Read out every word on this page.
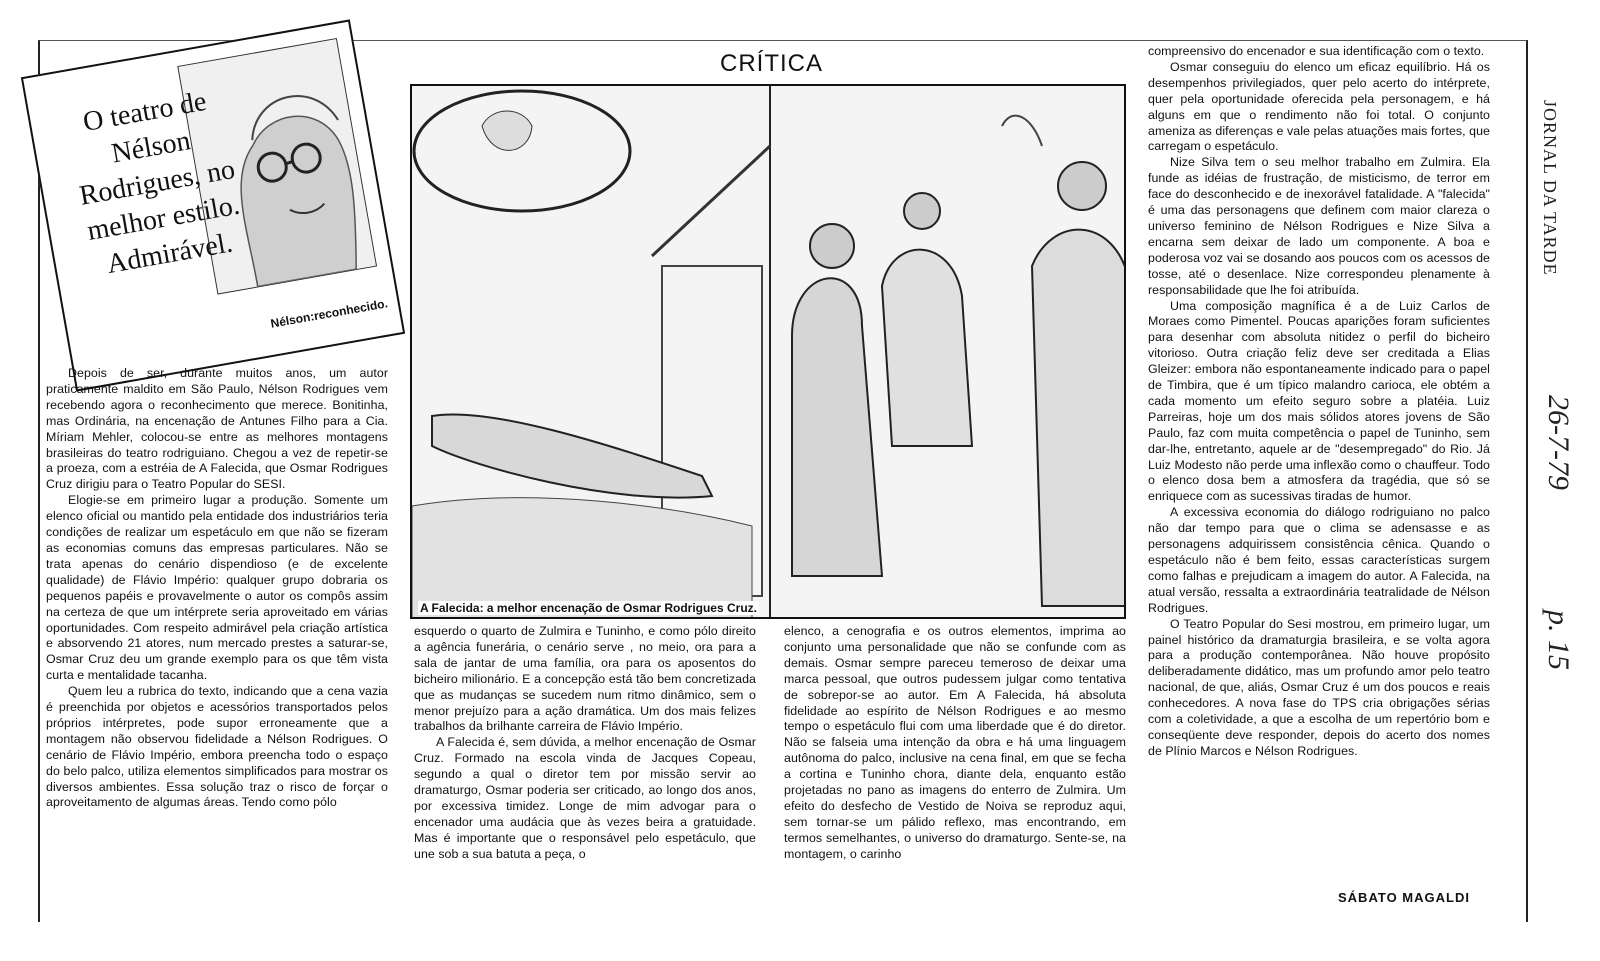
O teatro de Nélson Rodrigues, no melhor estilo. Admirável.
Nélson:reconhecido.

Depois de ser, durante muitos anos, um autor praticamente maldito em São Paulo, Nélson Rodrigues vem recebendo agora o reconhecimento que merece. Bonitinha, mas Ordinária, na encenação de Antunes Filho para a Cia. Míriam Mehler, colocou-se entre as melhores montagens brasileiras do teatro rodriguiano. Chegou a vez de repetir-se a proeza, com a estréia de A Falecida, que Osmar Rodrigues Cruz dirigiu para o Teatro Popular do SESI.

Elogie-se em primeiro lugar a produção. Somente um elenco oficial ou mantido pela entidade dos industriários teria condições de realizar um espetáculo em que não se fizeram as economias comuns das empresas particulares. Não se trata apenas do cenário dispendioso (e de excelente qualidade) de Flávio Império: qualquer grupo dobraria os pequenos papéis e provavelmente o autor os compôs assim na certeza de que um intérprete seria aproveitado em várias oportunidades. Com respeito admirável pela criação artística e absorvendo 21 atores, num mercado prestes a saturar-se, Osmar Cruz deu um grande exemplo para os que têm vista curta e mentalidade tacanha.

Quem leu a rubrica do texto, indicando que a cena vazia é preenchida por objetos e acessórios transportados pelos próprios intérpretes, pode supor erroneamente que a montagem não observou fidelidade a Nélson Rodrigues. O cenário de Flávio Império, embora preencha todo o espaço do belo palco, utiliza elementos simplificados para mostrar os diversos ambientes. Essa solução traz o risco de forçar o aproveitamento de algumas áreas. Tendo como pólo

CRÍTICA
A Falecida: a melhor encenação de Osmar Rodrigues Cruz.

esquerdo o quarto de Zulmira e Tuninho, e como pólo direito a agência funerária, o cenário serve , no meio, ora para a sala de jantar de uma família, ora para os aposentos do bicheiro milionário. E a concepção está tão bem concretizada que as mudanças se sucedem num ritmo dinâmico, sem o menor prejuízo para a ação dramática. Um dos mais felizes trabalhos da brilhante carreira de Flávio Império.

A Falecida é, sem dúvida, a melhor encenação de Osmar Cruz. Formado na escola vinda de Jacques Copeau, segundo a qual o diretor tem por missão servir ao dramaturgo, Osmar poderia ser criticado, ao longo dos anos, por excessiva timidez. Longe de mim advogar para o encenador uma audácia que às vezes beira a gratuidade. Mas é importante que o responsável pelo espetáculo, que une sob a sua batuta a peça, o

elenco, a cenografia e os outros elementos, imprima ao conjunto uma personalidade que não se confunde com as demais. Osmar sempre pareceu temeroso de deixar uma marca pessoal, que outros pudessem julgar como tentativa de sobrepor-se ao autor. Em A Falecida, há absoluta fidelidade ao espírito de Nélson Rodrigues e ao mesmo tempo o espetáculo flui com uma liberdade que é do diretor. Não se falseia uma intenção da obra e há uma linguagem autônoma do palco, inclusive na cena final, em que se fecha a cortina e Tuninho chora, diante dela, enquanto estão projetadas no pano as imagens do enterro de Zulmira. Um efeito do desfecho de Vestido de Noiva se reproduz aqui, sem tornar-se um pálido reflexo, mas encontrando, em termos semelhantes, o universo do dramaturgo. Sente-se, na montagem, o carinho

compreensivo do encenador e sua identificação com o texto.

Osmar conseguiu do elenco um eficaz equilíbrio. Há os desempenhos privilegiados, quer pelo acerto do intérprete, quer pela oportunidade oferecida pela personagem, e há alguns em que o rendimento não foi total. O conjunto ameniza as diferenças e vale pelas atuações mais fortes, que carregam o espetáculo.

Nize Silva tem o seu melhor trabalho em Zulmira. Ela funde as idéias de frustração, de misticismo, de terror em face do desconhecido e de inexorável fatalidade. A "falecida" é uma das personagens que definem com maior clareza o universo feminino de Nélson Rodrigues e Nize Silva a encarna sem deixar de lado um componente. A boa e poderosa voz vai se dosando aos poucos com os acessos de tosse, até o desenlace. Nize correspondeu plenamente à responsabilidade que lhe foi atribuída.

Uma composição magnífica é a de Luiz Carlos de Moraes como Pimentel. Poucas aparições foram suficientes para desenhar com absoluta nitidez o perfil do bicheiro vitorioso. Outra criação feliz deve ser creditada a Elias Gleizer: embora não espontaneamente indicado para o papel de Timbira, que é um típico malandro carioca, ele obtém a cada momento um efeito seguro sobre a platéia. Luiz Parreiras, hoje um dos mais sólidos atores jovens de São Paulo, faz com muita competência o papel de Tuninho, sem dar-lhe, entretanto, aquele ar de "desempregado" do Rio. Já Luiz Modesto não perde uma inflexão como o chauffeur. Todo o elenco dosa bem a atmosfera da tragédia, que só se enriquece com as sucessivas tiradas de humor.

A excessiva economia do diálogo rodriguiano no palco não dar tempo para que o clima se adensasse e as personagens adquirissem consistência cênica. Quando o espetáculo não é bem feito, essas características surgem como falhas e prejudicam a imagem do autor. A Falecida, na atual versão, ressalta a extraordinária teatralidade de Nélson Rodrigues.

O Teatro Popular do Sesi mostrou, em primeiro lugar, um painel histórico da dramaturgia brasileira, e se volta agora para a produção contemporânea. Não houve propósito deliberadamente didático, mas um profundo amor pelo teatro nacional, de que, aliás, Osmar Cruz é um dos poucos e reais conhecedores. A nova fase do TPS cria obrigações sérias com a coletividade, a que a escolha de um repertório bom e conseqüente deve responder, depois do acerto dos nomes de Plínio Marcos e Nélson Rodrigues.

SÁBATO MAGALDI
JORNAL DA TARDE
26-7-79
p. 15
